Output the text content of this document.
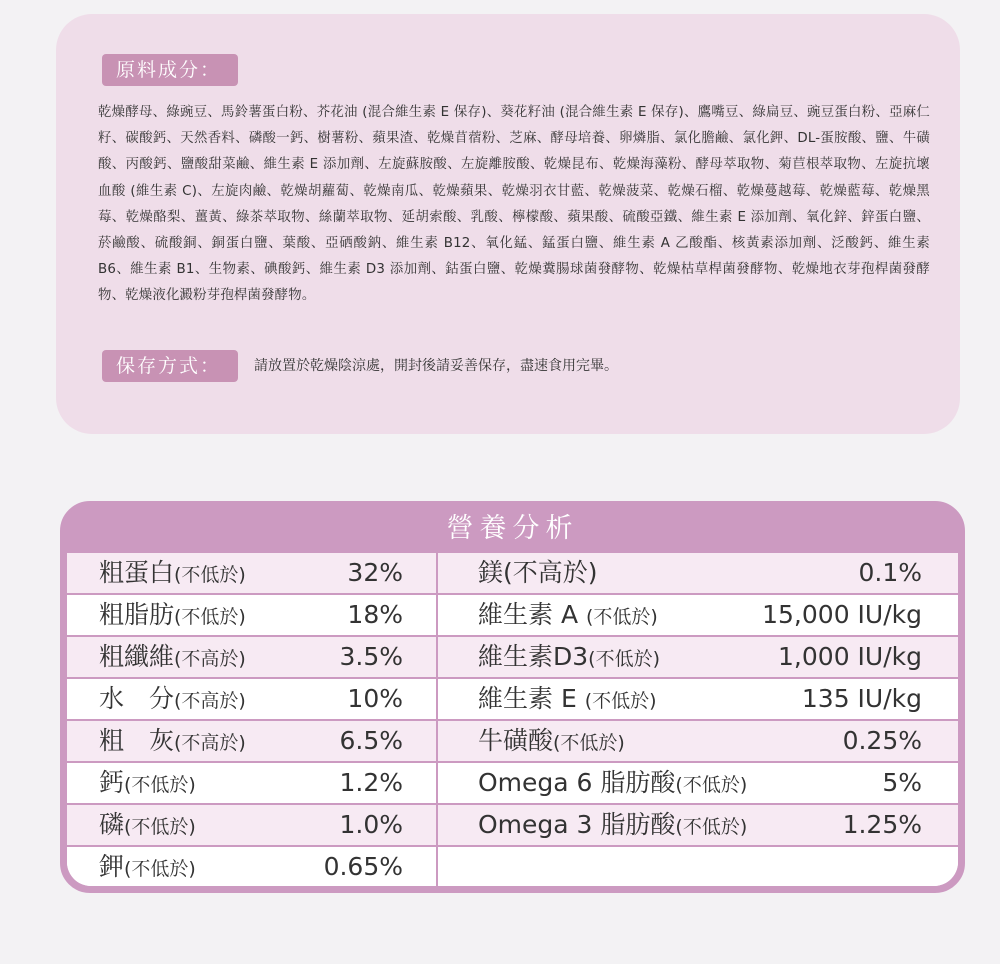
原料成分：
乾燥酵母、綠豌豆、馬鈴薯蛋白粉、芥花油 (混合維生素 E 保存)、葵花籽油 (混合維生素 E 保存)、鷹嘴豆、綠扁豆、豌豆蛋白粉、亞麻仁籽、碳酸鈣、天然香料、磷酸一鈣、樹薯粉、蘋果渣、乾燥苜蓿粉、芝麻、酵母培養、卵燐脂、氯化膽鹼、氯化鉀、DL-蛋胺酸、鹽、牛磺酸、丙酸鈣、鹽酸甜菜鹼、維生素 E 添加劑、左旋蘇胺酸、左旋離胺酸、乾燥昆布、乾燥海藻粉、酵母萃取物、菊苣根萃取物、左旋抗壞血酸 (維生素 C)、左旋肉鹼、乾燥胡蘿蔔、乾燥南瓜、乾燥蘋果、乾燥羽衣甘藍、乾燥菠菜、乾燥石榴、乾燥蔓越莓、乾燥藍莓、乾燥黑莓、乾燥酪梨、薑黃、綠茶萃取物、絲蘭萃取物、延胡索酸、乳酸、檸檬酸、蘋果酸、硫酸亞鐵、維生素 E 添加劑、氧化鋅、鋅蛋白鹽、菸鹼酸、硫酸銅、銅蛋白鹽、葉酸、亞硒酸鈉、維生素 B12、氧化錳、錳蛋白鹽、維生素 A 乙酸酯、核黃素添加劑、泛酸鈣、維生素 B6、維生素 B1、生物素、碘酸鈣、維生素 D3 添加劑、鈷蛋白鹽、乾燥糞腸球菌發酵物、乾燥枯草桿菌發酵物、乾燥地衣芽孢桿菌發酵物、乾燥液化澱粉芽孢桿菌發酵物。
保存方式：	請放置於乾燥陰涼處，開封後請妥善保存，盡速食用完畢。
營養分析
粗蛋白(不低於)	32%
粗脂肪(不低於)	18%
粗纖維(不高於)	3.5%
水　分(不高於)	10%
粗　灰(不高於)	6.5%
鈣(不低於)	1.2%
磷(不低於)	1.0%
鉀(不低於)	0.65%
鎂(不高於)	0.1%
維生素 A (不低於)	15,000 IU/kg
維生素D3(不低於)	1,000 IU/kg
維生素 E (不低於)	135 IU/kg
牛磺酸(不低於)	0.25%
Omega 6 脂肪酸(不低於)	5%
Omega 3 脂肪酸(不低於)	1.25%
